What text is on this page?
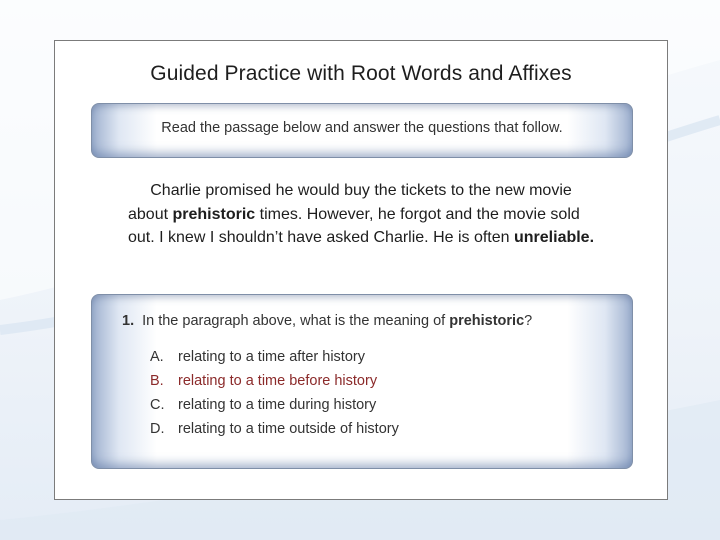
Guided Practice with Root Words and Affixes
Read the passage below and answer the questions that follow.
Charlie promised he would buy the tickets to the new movie about prehistoric times. However, he forgot and the movie sold out. I knew I shouldn’t have asked Charlie. He is often unreliable.
1. In the paragraph above, what is the meaning of prehistoric?
A. relating to a time after history
B. relating to a time before history
C. relating to a time during history
D. relating to a time outside of history
